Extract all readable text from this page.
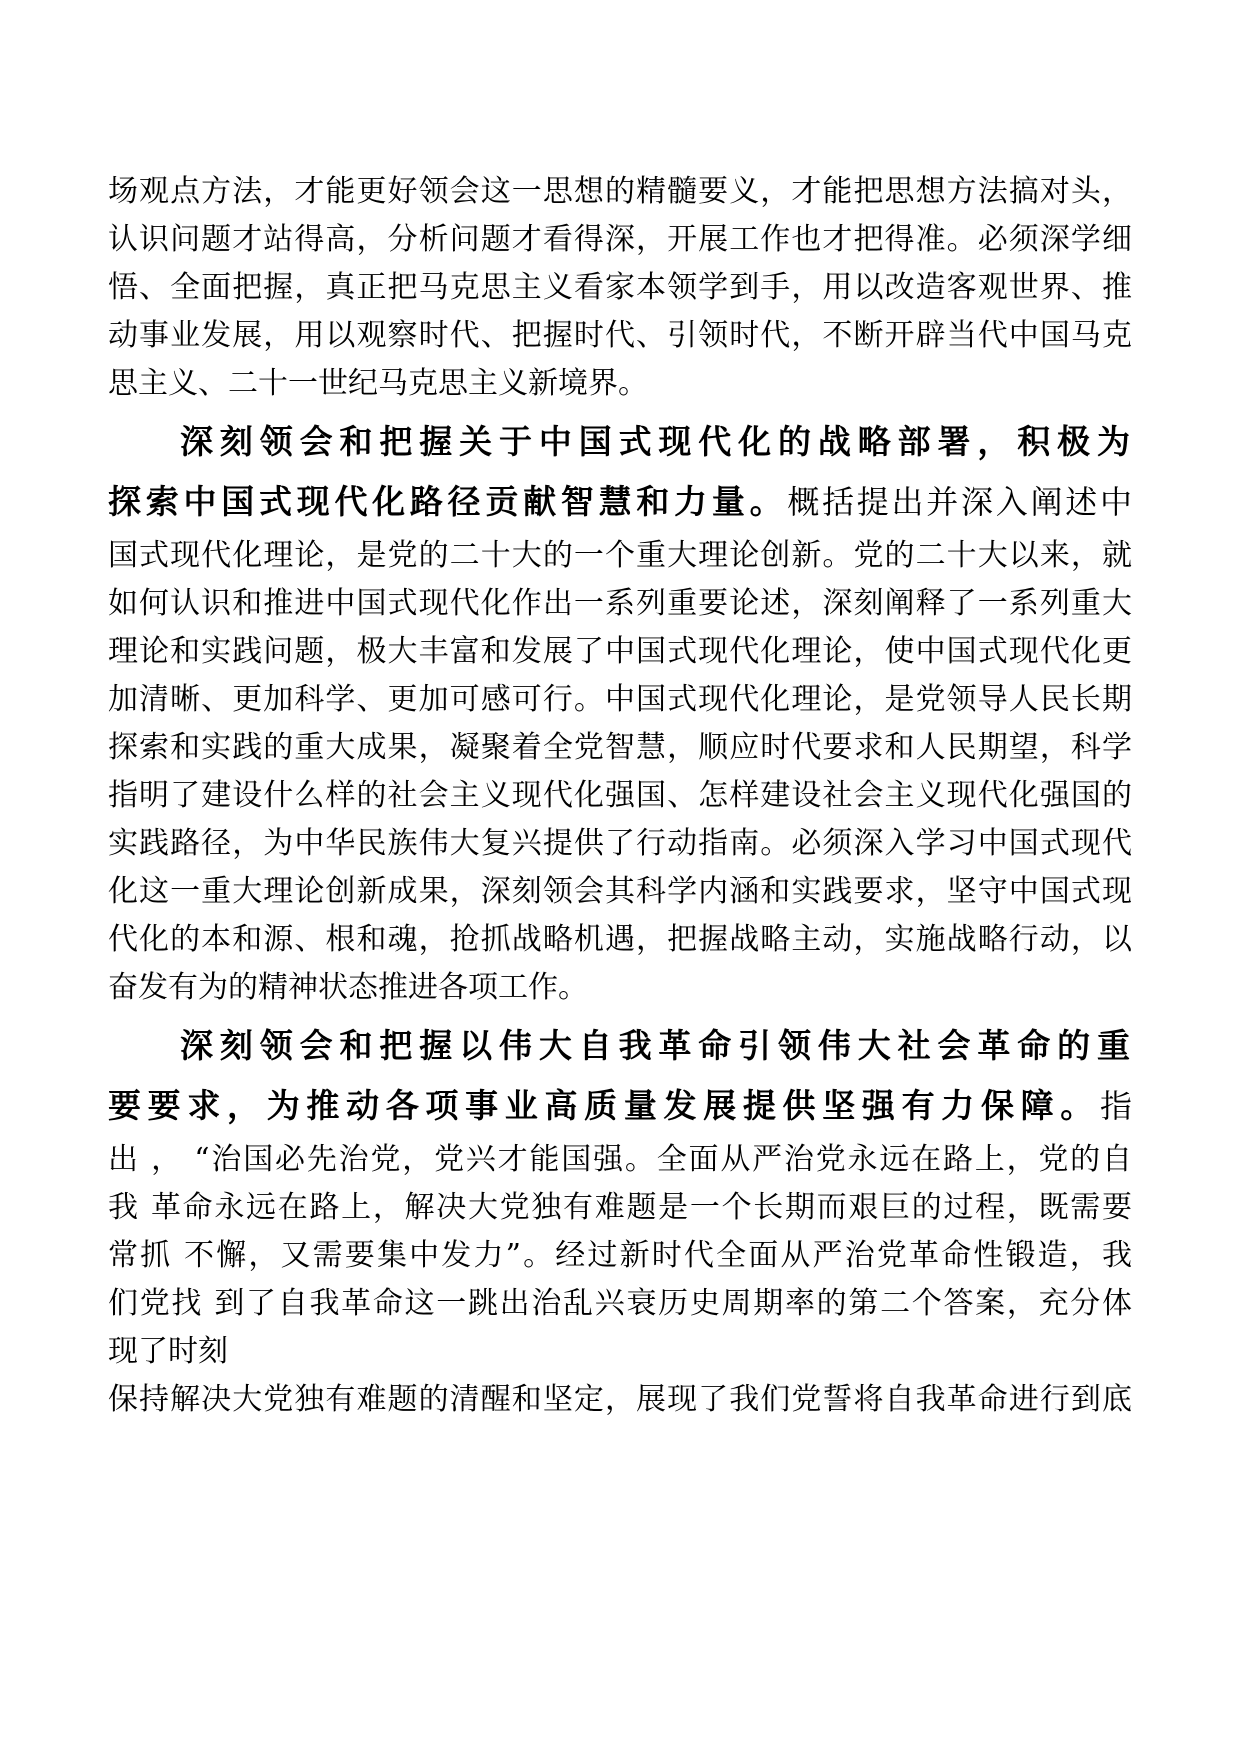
场观点方法，才能更好领会这一思想的精髓要义，才能把思想方法搞对头，
认识问题才站得高，分析问题才看得深，开展工作也才把得准。必须深学细
悟、全面把握，真正把马克思主义看家本领学到手，用以改造客观世界、推
动事业发展，用以观察时代、把握时代、引领时代，不断开辟当代中国马克
思主义、二十一世纪马克思主义新境界。
深刻领会和把握关于中国式现代化的战略部署，积极为
探索中国式现代化路径贡献智慧和力量。概括提出并深入阐述中
国式现代化理论，是党的二十大的一个重大理论创新。党的二十大以来，就
如何认识和推进中国式现代化作出一系列重要论述，深刻阐释了一系列重大
理论和实践问题，极大丰富和发展了中国式现代化理论，使中国式现代化更
加清晰、更加科学、更加可感可行。中国式现代化理论，是党领导人民长期
探索和实践的重大成果，凝聚着全党智慧，顺应时代要求和人民期望，科学
指明了建设什么样的社会主义现代化强国、怎样建设社会主义现代化强国的
实践路径，为中华民族伟大复兴提供了行动指南。必须深入学习中国式现代
化这一重大理论创新成果，深刻领会其科学内涵和实践要求，坚守中国式现
代化的本和源、根和魂，抢抓战略机遇，把握战略主动，实施战略行动，以
奋发有为的精神状态推进各项工作。
深刻领会和把握以伟大自我革命引领伟大社会革命的重
要要求，为推动各项事业高质量发展提供坚强有力保障。指
出 ， “治国必先治党，党兴才能国强。全面从严治党永远在路上，党的自
我 革命永远在路上，解决大党独有难题是一个长期而艰巨的过程，既需要
常抓 不懈，又需要集中发力”。经过新时代全面从严治党革命性锻造，我
们党找 到了自我革命这一跳出治乱兴衰历史周期率的第二个答案，充分体
现了时刻
保持解决大党独有难题的清醒和坚定，展现了我们党誓将自我革命进行到底
